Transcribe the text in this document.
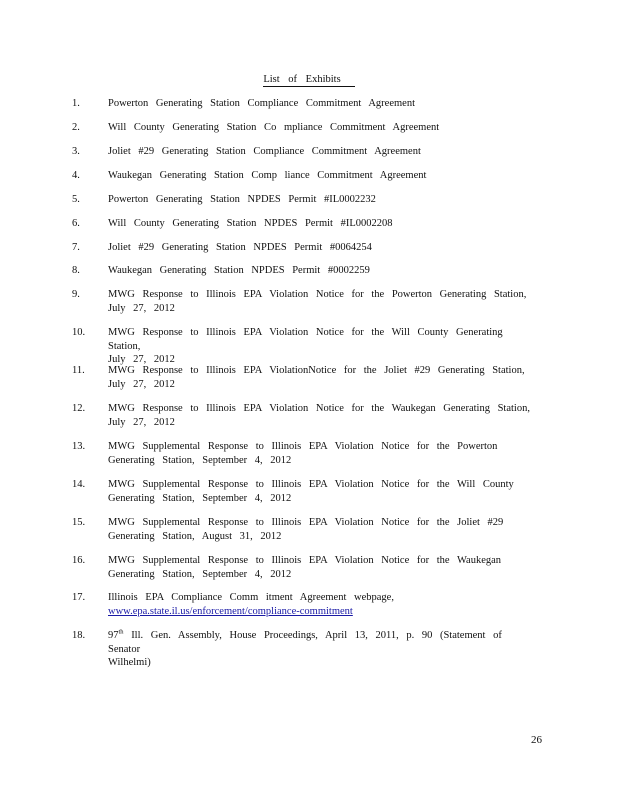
List of Exhibits
1.	Powerton Generating Station Compliance Commitment Agreement
2.	Will County Generating Station Co mpliance Commitment Agreement
3.	Joliet #29 Generating Station Compliance Commitment Agreement
4.	Waukegan Generating Station Comp liance Commitment Agreement
5.	Powerton Generating Station NPDES Permit #IL0002232
6.	Will County Generating Station NPDES Permit #IL0002208
7.	Joliet #29 Generating Station NPDES Permit #0064254
8.	Waukegan Generating Station NPDES Permit #0002259
9.	MWG Response to Illinois EPA Violation Notice for the Powerton Generating Station,
July 27, 2012
10.	MWG Response to Illinois EPA Violation Notice for the Will County Generating Station,
July 27, 2012
11.	MWG Response to Illinois EPA ViolationNotice for the Joliet #29 Generating Station,
July 27, 2012
12.	MWG Response to Illinois EPA Violation Notice for the Waukegan Generating Station,
July 27, 2012
13.	MWG Supplemental Response to Illinois EPA Violation Notice for the Powerton
Generating Station, September 4, 2012
14.	MWG Supplemental Response to Illinois EPA Violation Notice for the Will County
Generating Station, September 4, 2012
15.	MWG Supplemental Response to Illinois EPA Violation Notice for the Joliet #29
Generating Station, August 31, 2012
16.	MWG Supplemental Response to Illinois EPA Violation Notice for the Waukegan
Generating Station, September 4, 2012
17.	Illinois EPA Compliance Comm itment Agreement webpage,
www.epa.state.il.us/enforcement/compliance-commitment
18.	97th Ill. Gen. Assembly, House Proceedings, April 13, 2011, p. 90 (Statement of Senator
Wilhelmi)
26
